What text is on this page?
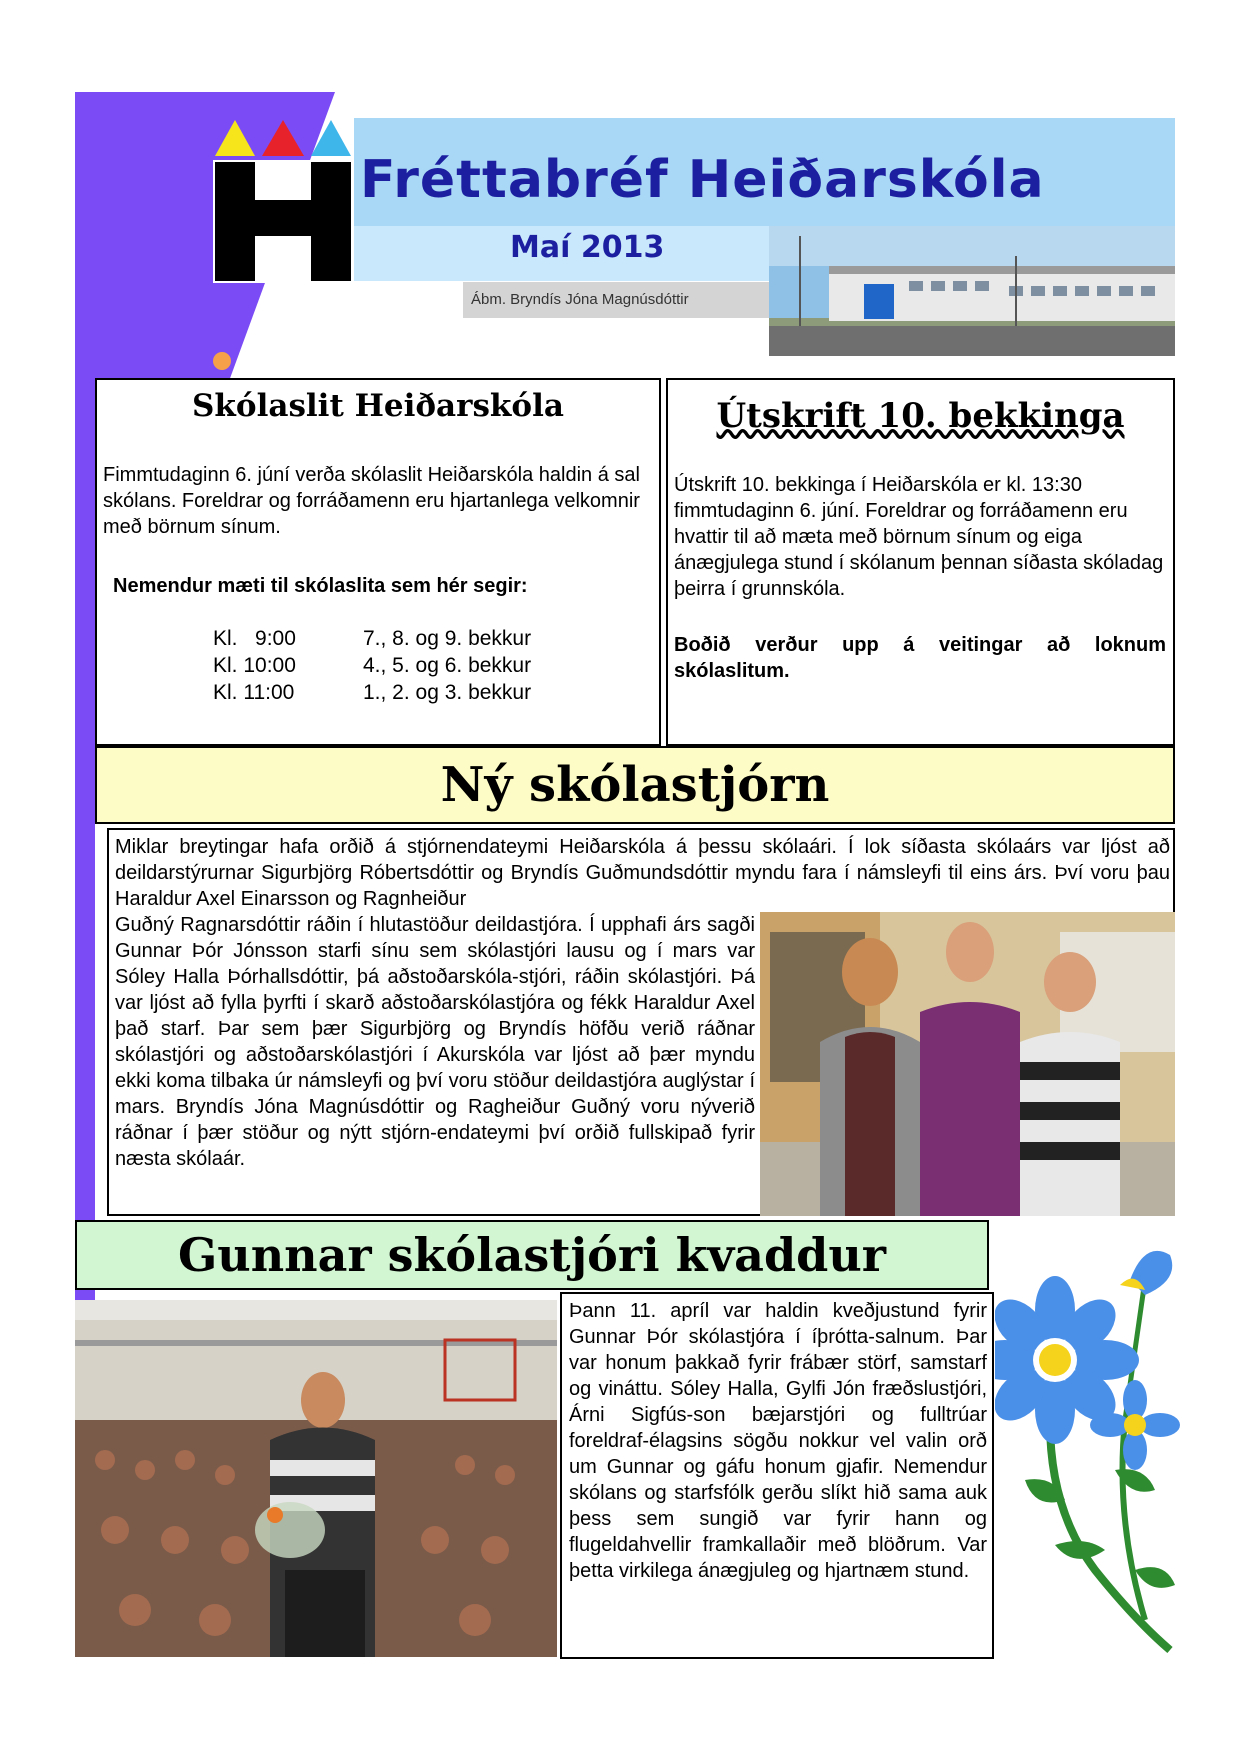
Fréttabréf Heiðarskóla
Maí 2013
Ábm. Bryndís Jóna Magnúsdóttir
Skólaslit Heiðarskóla
Fimmtudaginn 6. júní verða skólaslit Heiðarskóla haldin á sal skólans. Foreldrar og forráðamenn eru hjartanlega velkomnir með börnum sínum.
Nemendur mæti til skólaslita sem hér segir:
Kl.   9:00	7., 8. og 9. bekkur
Kl. 10:00	4., 5. og 6. bekkur
Kl. 11:00	1., 2. og 3. bekkur
Útskrift 10. bekkinga
Útskrift 10. bekkinga í Heiðarskóla er kl. 13:30 fimmtudaginn 6. júní. Foreldrar og forráðamenn eru hvattir til að mæta með börnum sínum og eiga ánægjulega stund í skólanum þennan síðasta skóladag þeirra í grunnskóla.
Boðið verður upp á veitingar að loknum skólaslitum.
Ný skólastjórn
Miklar breytingar hafa orðið á stjórnendateymi Heiðarskóla á þessu skólaári. Í lok síðasta skólaárs var ljóst að deildarstýrurnar Sigurbjörg Róbertsdóttir og Bryndís Guðmundsdóttir myndu fara í námsleyfi til eins árs. Því voru þau Haraldur Axel Einarsson og Ragnheiður
Guðný Ragnarsdóttir ráðin í hlutastöður deildastjóra. Í upphafi árs sagði Gunnar Þór Jónsson starfi sínu sem skólastjóri lausu og í mars var Sóley Halla Þórhallsdóttir, þá aðstoðarskóla-stjóri, ráðin skólastjóri. Þá var ljóst að fylla þyrfti í skarð aðstoðarskólastjóra og fékk Haraldur Axel það starf. Þar sem þær Sigurbjörg og Bryndís höfðu verið ráðnar skólastjóri og aðstoðarskólastjóri í Akurskóla var ljóst að þær myndu ekki koma tilbaka úr námsleyfi og því voru stöður deildastjóra auglýstar í mars. Bryndís Jóna Magnúsdóttir og Ragheiður Guðný voru nýverið ráðnar í þær stöður og nýtt stjórn-endateymi því orðið fullskipað fyrir næsta skólaár.
Gunnar skólastjóri kvaddur
Þann 11. apríl var haldin kveðjustund fyrir Gunnar Þór skólastjóra í íþrótta-salnum. Þar var honum þakkað fyrir frábær störf, samstarf og vináttu. Sóley Halla, Gylfi Jón fræðslustjóri, Árni Sigfús-son bæjarstjóri og fulltrúar foreldraf-élagsins sögðu nokkur vel valin orð um Gunnar og gáfu honum gjafir. Nemendur skólans og starfsfólk gerðu slíkt hið sama auk þess sem sungið var fyrir hann og flugeldahvellir framkallaðir með blöðrum. Var þetta virkilega ánægjuleg og hjartnæm stund.
